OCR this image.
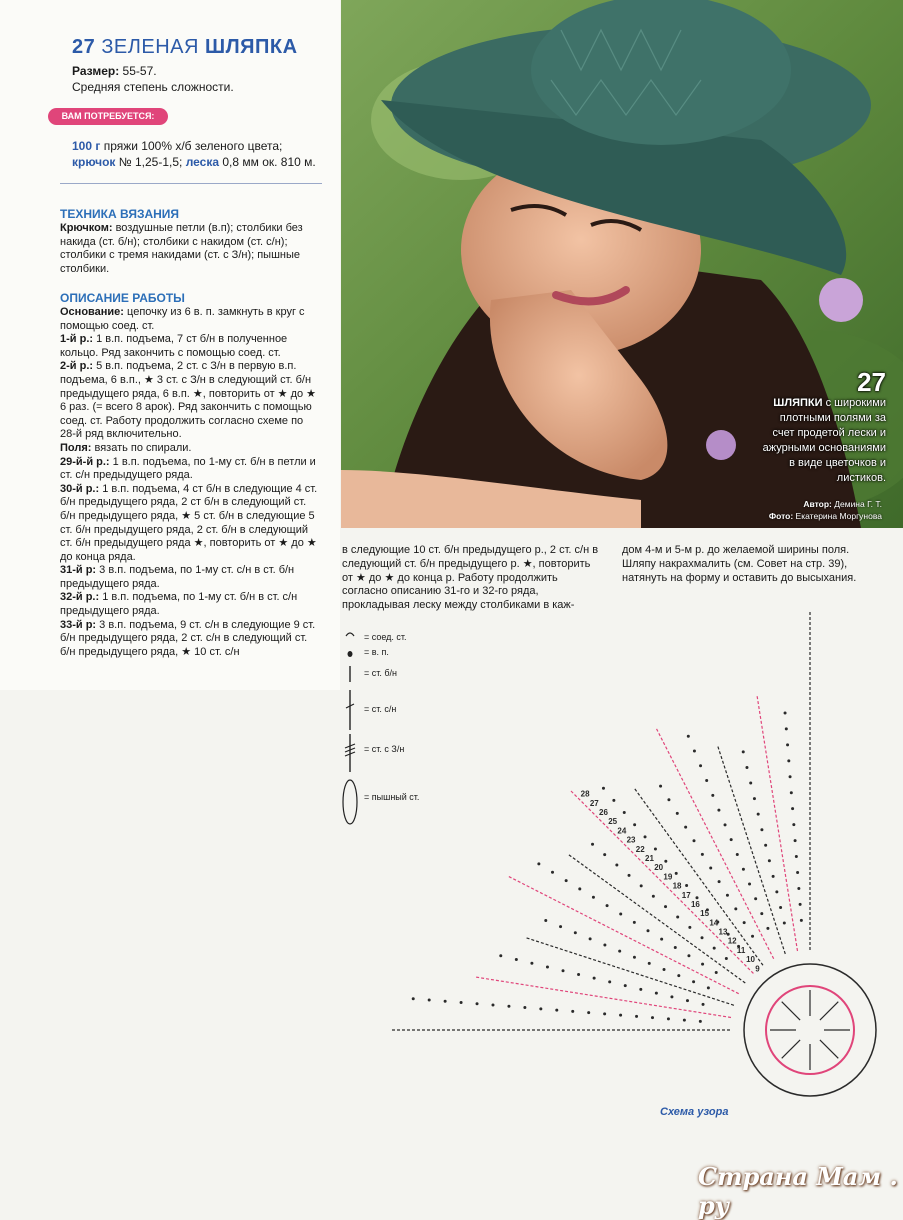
27 ЗЕЛЕНАЯ ШЛЯПКА
Размер: 55-57.
Средняя степень сложности.
ВАМ ПОТРЕБУЕТСЯ:
100 г пряжи 100% х/б зеленого цвета;
крючок № 1,25-1,5; леска 0,8 мм ок. 810 м.
ТЕХНИКА ВЯЗАНИЯ

Крючком: воздушные петли (в.п); столбики без накида (ст. б/н); столбики с накидом (ст. с/н); столбики с тремя накидами (ст. с З/н); пышные столбики.

ОПИСАНИЕ РАБОТЫ

Основание: цепочку из 6 в. п. замкнуть в круг с помощью соед. ст.

1-й р.: 1 в.п. подъема, 7 ст б/н в полученное кольцо. Ряд закончить с помощью соед. ст.

2-й р.: 5 в.п. подъема, 2 ст. с З/н в первую в.п. подъема, 6 в.п., ★ 3 ст. с З/н в следующий ст. б/н предыдущего ряда, 6 в.п. ★, повторить от ★ до ★ 6 раз. (= всего 8 арок). Ряд закончить с помощью соед. ст. Работу продолжить согласно схеме по 28-й ряд включительно.

Поля: вязать по спирали.

29-й-й р.: 1 в.п. подъема, по 1-му ст. б/н в петли и ст. с/н предыдущего ряда.

30-й р.: 1 в.п. подъема, 4 ст б/н в следующие 4 ст. б/н предыдущего ряда, 2 ст б/н в следующий ст. б/н предыдущего ряда, ★ 5 ст. б/н в следующие 5 ст. б/н предыдущего ряда, 2 ст. б/н в следующий ст. б/н предыдущего ряда ★, повторить от ★ до ★ до конца ряда.

31-й р: 3 в.п. подъема, по 1-му ст. с/н в ст. б/н предыдущего ряда.

32-й р.: 1 в.п. подъема, по 1-му ст. б/н в ст. с/н предыдущего ряда.

33-й р: 3 в.п. подъема, 9 ст. с/н в следующие 9 ст. б/н предыдущего ряда, 2 ст. с/н в следующий ст. б/н предыдущего ряда, ★ 10 ст. с/н

27
ШЛЯПКИ с широкими плотными полями за счет продетой лески и ажурными основаниями в виде цветочков и листиков.
Автор: Демина Г. Т.
Фото: Екатерина Моргунова
в следующие 10 ст. б/н предыдущего р., 2 ст. с/н в следующий ст. б/н предыдущего р. ★, повторить от ★ до ★ до конца р. Работу продолжить согласно описанию 31-го и 32-го ряда, прокладывая леску между столбиками в каж-
дом 4-м и 5-м р. до желаемой ширины поля. Шляпу накрахмалить (см. Совет на стр. 39), натянуть на форму и оставить до высыхания.
28
27
26
25
24
23
22
21
20
19
18
17
16
15
14
13
12
11
10
9
= соед. ст.
= в. п.
= ст. б/н
= ст. с/н
= ст. с З/н
= пышный ст.
Схема узора
Страна Мам . ру
